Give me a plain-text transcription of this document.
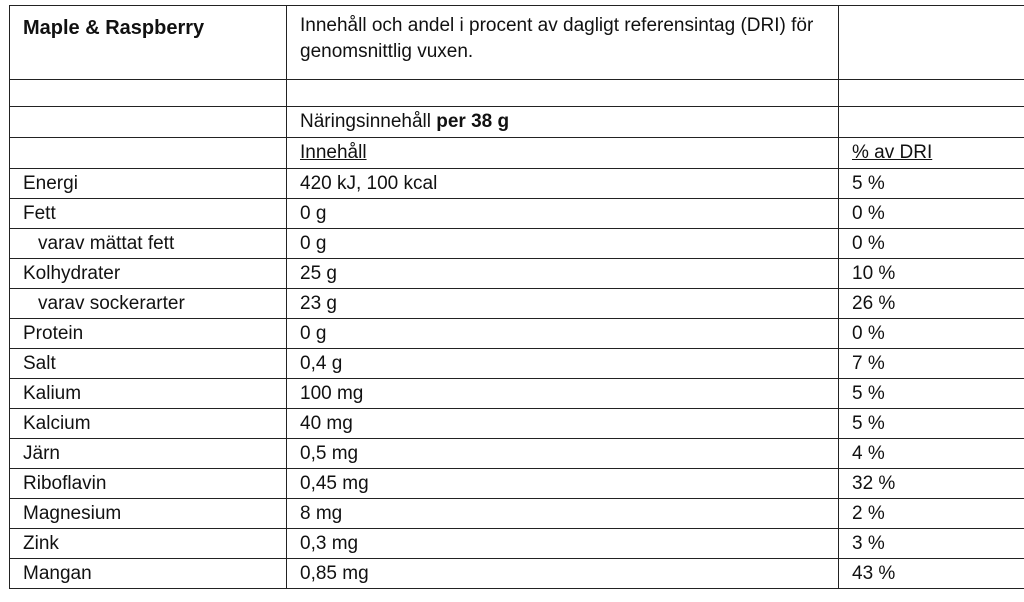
Maple & Raspberry	Innehåll och andel i procent av dagligt referensintag (DRI) för genomsnittlig vuxen.	

	Näringsinnehåll per 38 g	
	Innehåll	% av DRI
Energi	420 kJ, 100 kcal	5 %
Fett	0 g	0 %
varav mättat fett	0 g	0 %
Kolhydrater	25 g	10 %
varav sockerarter	23 g	26 %
Protein	0 g	0 %
Salt	0,4 g	7 %
Kalium	100 mg	5 %
Kalcium	40 mg	5 %
Järn	0,5 mg	4 %
Riboflavin	0,45 mg	32 %
Magnesium	8 mg	2 %
Zink	0,3 mg	3 %
Mangan	0,85 mg	43 %
